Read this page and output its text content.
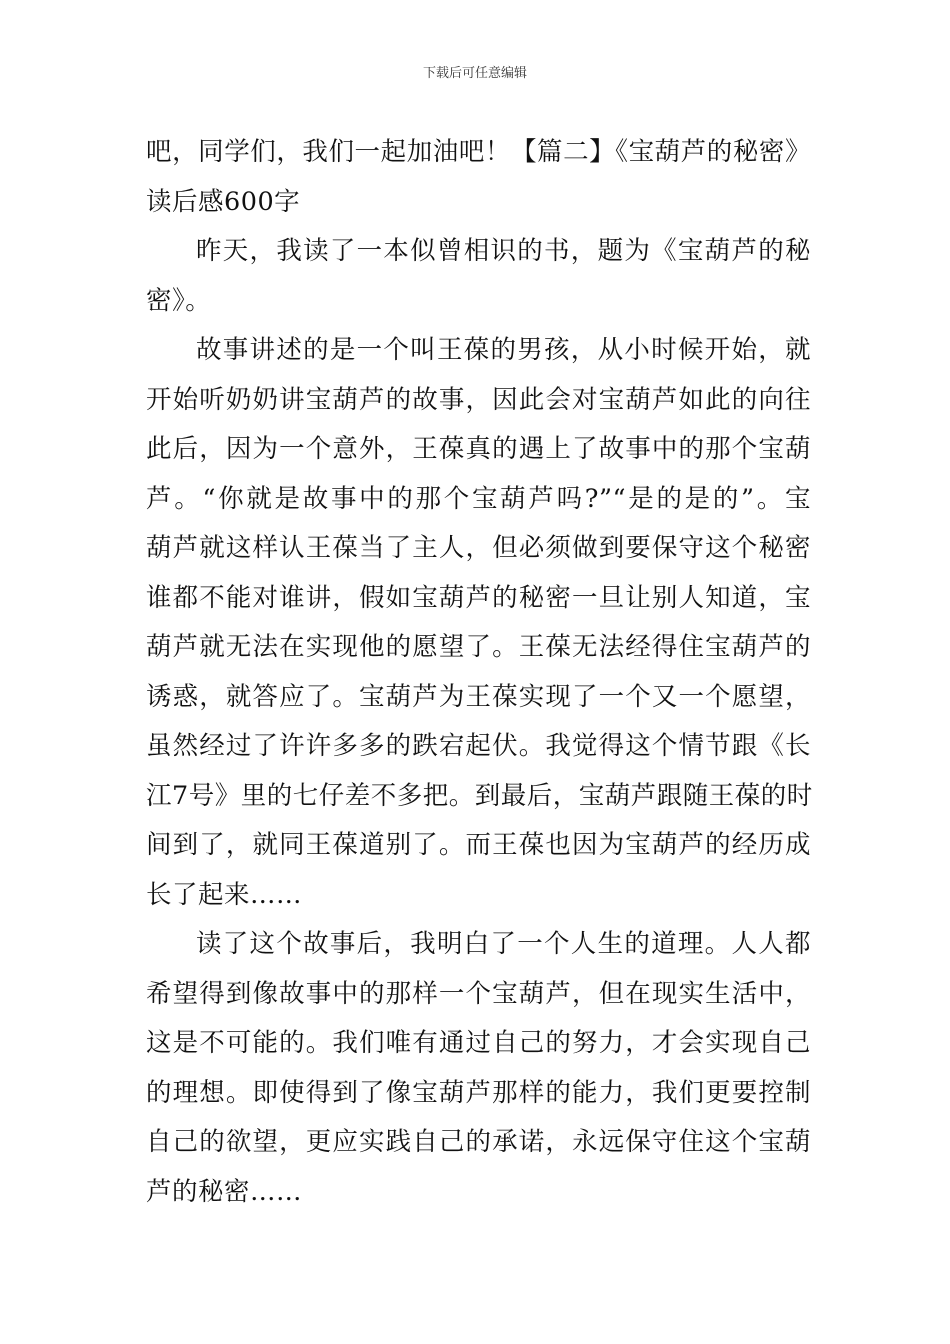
下载后可任意编辑
吧，同学们，我们一起加油吧！【篇二】《宝葫芦的秘密》
读后感600字
昨天，我读了一本似曾相识的书，题为《宝葫芦的秘
密》。
故事讲述的是一个叫王葆的男孩，从小时候开始，就
开始听奶奶讲宝葫芦的故事，因此会对宝葫芦如此的向往
此后，因为一个意外，王葆真的遇上了故事中的那个宝葫
芦。“你就是故事中的那个宝葫芦吗?”“是的是的”。宝
葫芦就这样认王葆当了主人，但必须做到要保守这个秘密
谁都不能对谁讲，假如宝葫芦的秘密一旦让别人知道，宝
葫芦就无法在实现他的愿望了。王葆无法经得住宝葫芦的
诱惑，就答应了。宝葫芦为王葆实现了一个又一个愿望，
虽然经过了许许多多的跌宕起伏。我觉得这个情节跟《长
江7号》里的七仔差不多把。到最后，宝葫芦跟随王葆的时
间到了，就同王葆道别了。而王葆也因为宝葫芦的经历成
长了起来……
读了这个故事后，我明白了一个人生的道理。人人都
希望得到像故事中的那样一个宝葫芦，但在现实生活中，
这是不可能的。我们唯有通过自己的努力，才会实现自己
的理想。即使得到了像宝葫芦那样的能力，我们更要控制
自己的欲望，更应实践自己的承诺，永远保守住这个宝葫
芦的秘密……
